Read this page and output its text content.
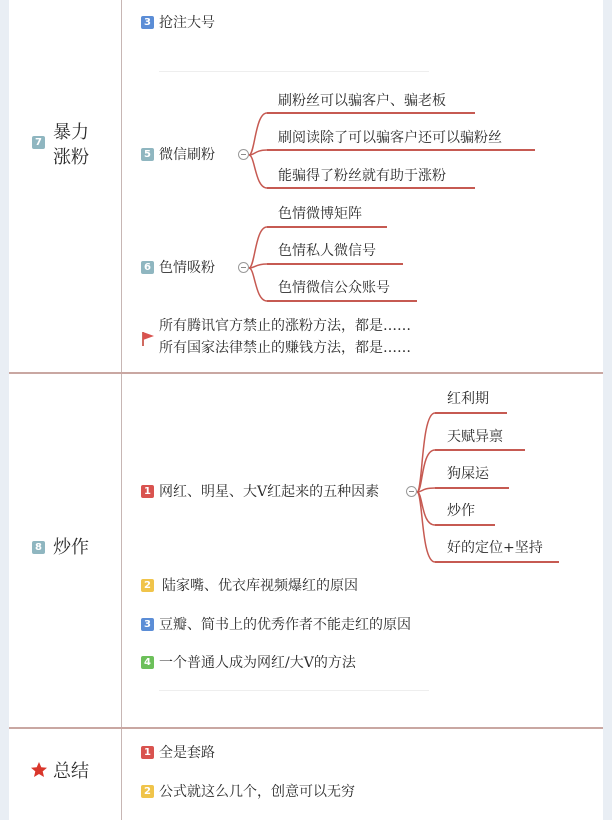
7 暴力
涨粉
3 抢注大号
5 微信刷粉
刷粉丝可以骗客户、骗老板
刷阅读除了可以骗客户还可以骗粉丝
能骗得了粉丝就有助于涨粉
6 色情吸粉
色情微博矩阵
色情私人微信号
色情微信公众账号
所有腾讯官方禁止的涨粉方法，都是……
所有国家法律禁止的赚钱方法，都是……
8 炒作
1 网红、明星、大V红起来的五种因素
红利期
天赋异禀
狗屎运
炒作
好的定位+坚持
2 陆家嘴、优衣库视频爆红的原因
3 豆瓣、简书上的优秀作者不能走红的原因
4 一个普通人成为网红/大V的方法
总结
1 全是套路
2 公式就这么几个，创意可以无穷
